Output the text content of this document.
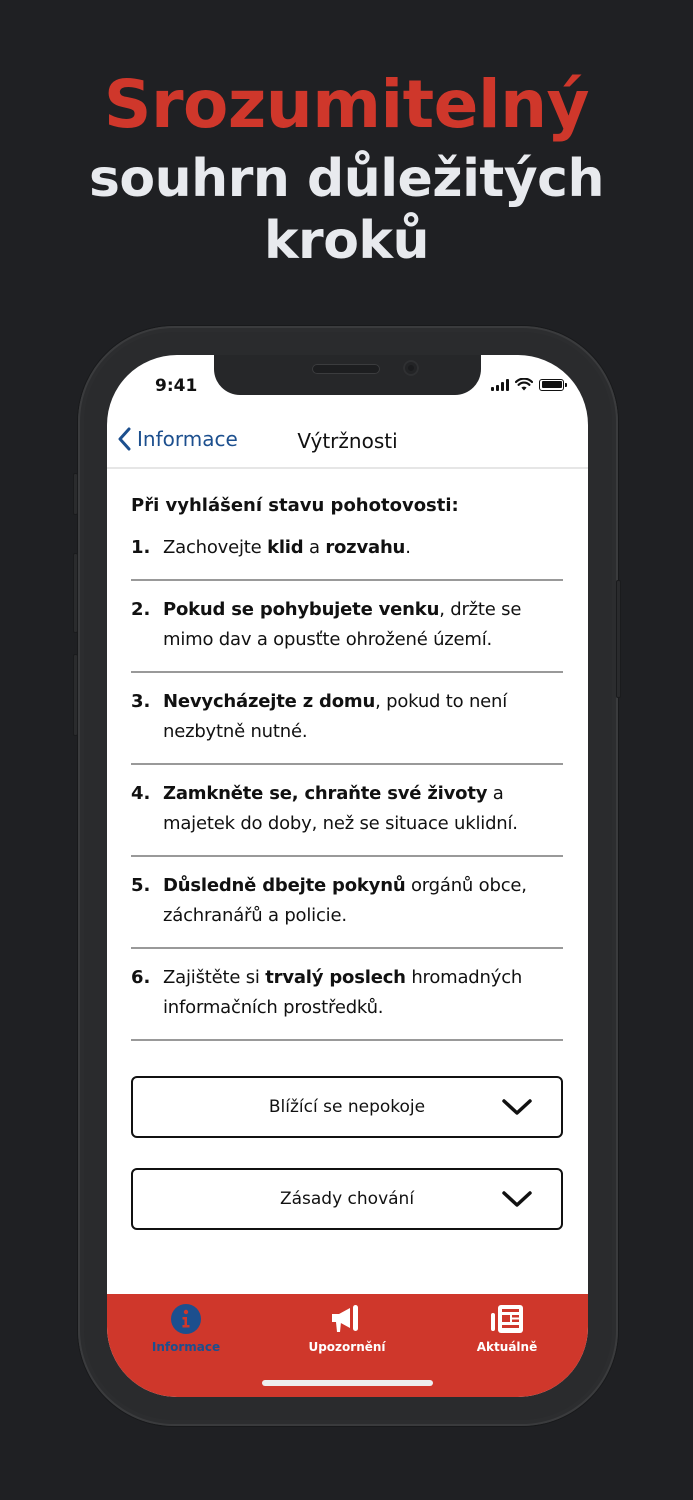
Srozumitelný
souhrn důležitých
kroků
9:41
Informace	Výtržnosti
Při vyhlášení stavu pohotovosti:
1. Zachovejte klid a rozvahu.
2. Pokud se pohybujete venku, držte se mimo dav a opusťte ohrožené území.
3. Nevycházejte z domu, pokud to není nezbytně nutné.
4. Zamkněte se, chraňte své životy a majetek do doby, než se situace uklidní.
5. Důsledně dbejte pokynů orgánů obce, záchranářů a policie.
6. Zajištěte si trvalý poslech hromadných informačních prostředků.
Blížící se nepokoje
Zásady chování
Informace	Upozornění	Aktuálně
